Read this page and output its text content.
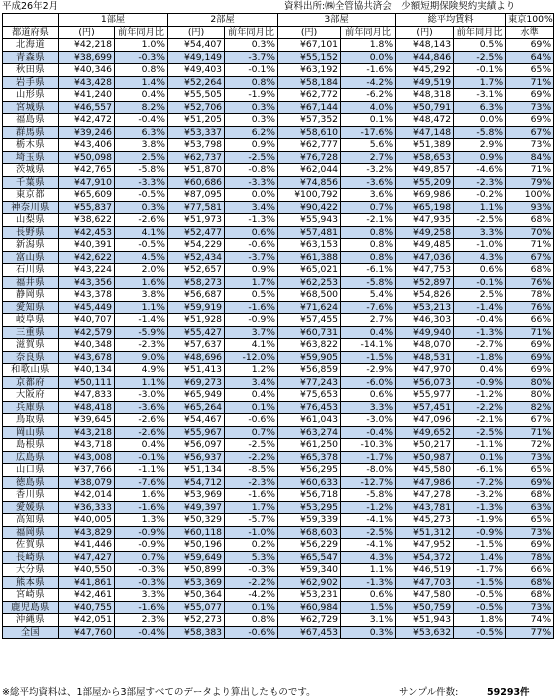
平成26年2月	資料出所:㈱全管協共済会　少額短期保険契約実績より
	1部屋		2部屋		3部屋		総平均賃料		東京100%
都道府県	(円)	前年同月比	(円)	前年同月比	(円)	前年同月比	(円)	前年同月比	水準
北海道	¥42,218	1.0%	¥54,407	0.3%	¥67,101	1.8%	¥48,143	0.5%	69%
青森県	¥38,699	-0.3%	¥49,149	-3.7%	¥55,152	0.0%	¥44,846	-2.5%	64%
秋田県	¥40,346	0.8%	¥49,403	-0.1%	¥63,192	-1.6%	¥45,292	-0.1%	65%
岩手県	¥43,428	1.4%	¥52,264	0.8%	¥58,184	-4.2%	¥49,519	1.7%	71%
山形県	¥41,240	0.4%	¥55,505	-1.9%	¥62,772	-6.2%	¥48,318	-3.1%	69%
宮城県	¥46,557	8.2%	¥52,706	0.3%	¥67,144	4.0%	¥50,791	6.3%	73%
福島県	¥42,472	-0.4%	¥51,205	0.3%	¥57,352	0.1%	¥48,472	0.0%	69%
群馬県	¥39,246	6.3%	¥53,337	6.2%	¥58,610	-17.6%	¥47,148	-5.8%	67%
栃木県	¥43,406	3.8%	¥53,798	0.9%	¥62,777	5.6%	¥51,389	2.9%	73%
埼玉県	¥50,098	2.5%	¥62,737	-2.5%	¥76,728	2.7%	¥58,653	0.9%	84%
茨城県	¥42,765	-5.8%	¥51,870	-0.8%	¥62,044	-3.2%	¥49,857	-4.6%	71%
千葉県	¥47,910	-3.3%	¥60,686	-3.3%	¥74,856	-3.6%	¥55,209	-2.3%	79%
東京都	¥65,609	-0.5%	¥87,095	0.0%	¥100,792	3.6%	¥69,986	-0.2%	100%
神奈川県	¥55,837	0.3%	¥77,581	3.4%	¥90,422	0.7%	¥65,198	1.1%	93%
山梨県	¥38,622	-2.6%	¥51,973	-1.3%	¥55,943	-2.1%	¥47,935	-2.5%	68%
長野県	¥42,453	4.1%	¥52,477	0.6%	¥57,481	0.8%	¥49,258	3.3%	70%
新潟県	¥40,391	-0.5%	¥54,229	-0.6%	¥63,153	0.8%	¥49,485	-1.0%	71%
富山県	¥42,622	4.5%	¥52,434	-3.7%	¥61,388	0.8%	¥47,036	4.3%	67%
石川県	¥43,224	2.0%	¥52,657	0.9%	¥65,021	-6.1%	¥47,753	0.6%	68%
福井県	¥43,356	1.6%	¥58,273	1.7%	¥62,253	-5.8%	¥52,897	-0.1%	76%
静岡県	¥43,378	3.8%	¥56,687	0.5%	¥68,500	5.4%	¥54,826	2.5%	78%
愛知県	¥45,449	1.1%	¥59,919	-1.6%	¥71,624	-7.6%	¥53,213	-1.4%	76%
岐阜県	¥40,707	-1.4%	¥51,928	-0.9%	¥57,455	2.7%	¥46,303	-0.4%	66%
三重県	¥42,579	-5.9%	¥55,427	3.7%	¥60,731	0.4%	¥49,940	-1.3%	71%
滋賀県	¥40,348	-2.3%	¥57,637	4.1%	¥63,822	-14.1%	¥48,070	-2.7%	69%
奈良県	¥43,678	9.0%	¥48,696	-12.0%	¥59,905	-1.5%	¥48,531	-1.8%	69%
和歌山県	¥40,134	4.9%	¥51,413	1.2%	¥56,859	-2.9%	¥47,970	0.4%	69%
京都府	¥50,111	1.1%	¥69,273	3.4%	¥77,243	-6.0%	¥56,073	-0.9%	80%
大阪府	¥47,833	-3.0%	¥65,949	0.4%	¥75,653	0.6%	¥55,977	-1.2%	80%
兵庫県	¥48,418	-3.6%	¥65,264	0.1%	¥76,453	3.3%	¥57,451	-2.2%	82%
鳥取県	¥39,645	-2.6%	¥54,467	-0.6%	¥61,043	-3.0%	¥47,096	-2.1%	67%
岡山県	¥43,218	-2.6%	¥55,967	0.7%	¥63,274	-0.4%	¥49,652	-2.5%	71%
島根県	¥43,718	0.4%	¥56,097	-2.5%	¥61,250	-10.3%	¥50,217	-1.1%	72%
広島県	¥43,008	-0.1%	¥56,937	-2.2%	¥65,378	-1.7%	¥50,987	0.1%	73%
山口県	¥37,766	-1.1%	¥51,134	-8.5%	¥56,295	-8.0%	¥45,580	-6.1%	65%
徳島県	¥38,079	-7.6%	¥54,712	-2.3%	¥60,633	-12.7%	¥47,986	-7.2%	69%
香川県	¥42,014	1.6%	¥53,969	-1.6%	¥56,718	-5.8%	¥47,278	-3.2%	68%
愛媛県	¥36,333	-1.6%	¥49,397	1.7%	¥53,295	-1.2%	¥43,781	-1.3%	63%
高知県	¥40,005	1.3%	¥50,329	-5.7%	¥59,339	-4.1%	¥45,273	-1.9%	65%
福岡県	¥43,829	-0.9%	¥60,118	-1.0%	¥68,603	-2.5%	¥51,312	-0.9%	73%
佐賀県	¥41,446	-0.9%	¥50,196	0.2%	¥56,229	-4.1%	¥47,952	-1.5%	69%
長崎県	¥47,427	0.7%	¥59,649	5.3%	¥65,547	4.3%	¥54,372	1.4%	78%
大分県	¥40,550	-0.3%	¥50,899	-0.3%	¥59,340	1.1%	¥46,519	-1.7%	66%
熊本県	¥41,861	-0.3%	¥53,369	-2.2%	¥62,902	-1.3%	¥47,703	-1.5%	68%
宮崎県	¥42,461	3.3%	¥50,364	-4.2%	¥53,231	0.6%	¥47,580	-0.5%	68%
鹿児島県	¥40,755	-1.6%	¥55,077	0.1%	¥60,984	1.5%	¥50,759	-0.5%	73%
沖縄県	¥42,051	2.3%	¥52,273	0.8%	¥62,729	3.1%	¥51,943	1.8%	74%
全国	¥47,760	-0.4%	¥58,383	-0.6%	¥67,453	0.3%	¥53,632	-0.5%	77%
※総平均資料は、1部屋から3部屋すべてのデータより算出したものです。	サンプル件数:	59293件
